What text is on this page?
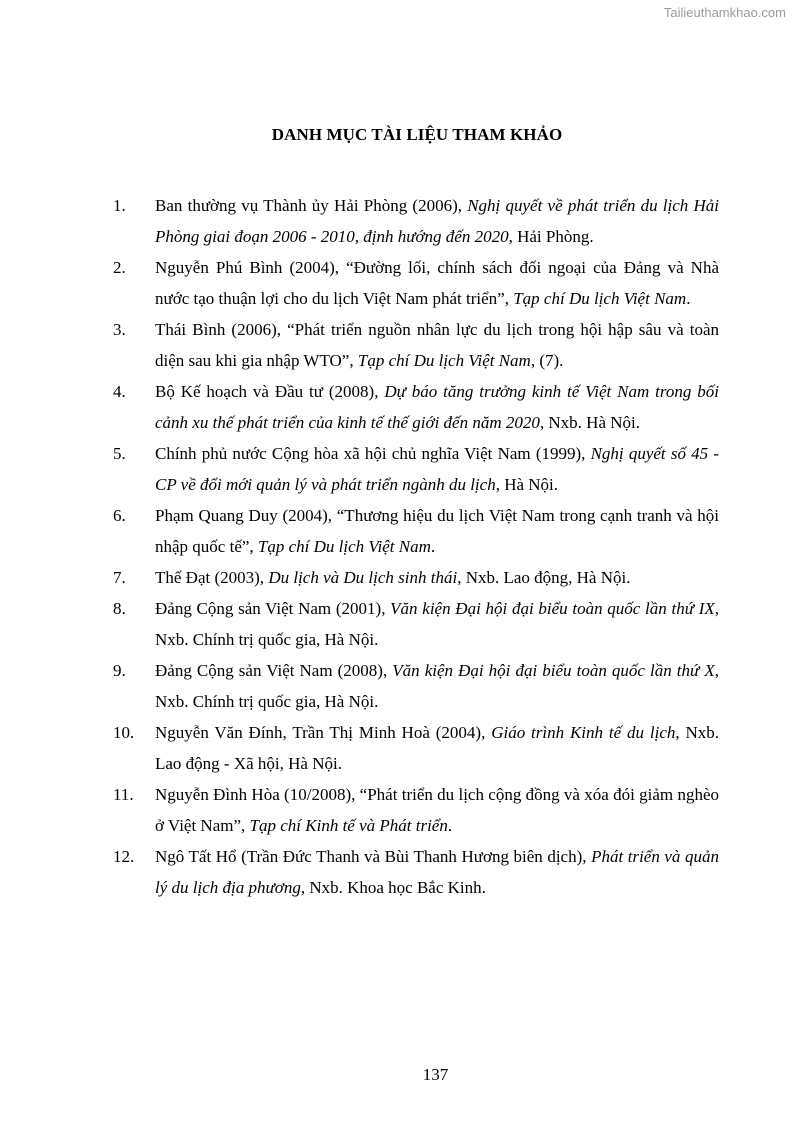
Tailieuthamkhao.com
DANH MỤC TÀI LIỆU THAM KHẢO
1. Ban thường vụ Thành ủy Hải Phòng (2006), Nghị quyết về phát triển du lịch Hải Phòng giai đoạn 2006 - 2010, định hướng đến 2020, Hải Phòng.
2. Nguyễn Phú Bình (2004), “Đường lối, chính sách đối ngoại của Đảng và Nhà nước tạo thuận lợi cho du lịch Việt Nam phát triển”, Tạp chí Du lịch Việt Nam.
3. Thái Bình (2006), “Phát triển nguồn nhân lực du lịch trong hội hập sâu và toàn diện sau khi gia nhập WTO”, Tạp chí Du lịch Việt Nam, (7).
4. Bộ Kế hoạch và Đầu tư (2008), Dự báo tăng trưởng kinh tế Việt Nam trong bối cảnh xu thế phát triển của kinh tế thế giới đến năm 2020, Nxb. Hà Nội.
5. Chính phủ nước Cộng hòa xã hội chủ nghĩa Việt Nam (1999), Nghị quyết số 45 - CP về đổi mới quản lý và phát triển ngành du lịch, Hà Nội.
6. Phạm Quang Duy (2004), “Thương hiệu du lịch Việt Nam trong cạnh tranh và hội nhập quốc tế”, Tạp chí Du lịch Việt Nam.
7. Thế Đạt (2003), Du lịch và Du lịch sinh thái, Nxb. Lao động, Hà Nội.
8. Đảng Cộng sản Việt Nam (2001), Văn kiện Đại hội đại biểu toàn quốc lần thứ IX, Nxb. Chính trị quốc gia, Hà Nội.
9. Đảng Cộng sản Việt Nam (2008), Văn kiện Đại hội đại biểu toàn quốc lần thứ X, Nxb. Chính trị quốc gia, Hà Nội.
10. Nguyễn Văn Đính, Trần Thị Minh Hoà (2004), Giáo trình Kinh tế du lịch, Nxb. Lao động - Xã hội, Hà Nội.
11. Nguyễn Đình Hòa (10/2008), “Phát triển du lịch cộng đồng và xóa đói giảm nghèo ở Việt Nam”, Tạp chí Kinh tế và Phát triển.
12. Ngô Tất Hổ (Trần Đức Thanh và Bùi Thanh Hương biên dịch), Phát triển và quản lý du lịch địa phương, Nxb. Khoa học Bắc Kinh.
137
